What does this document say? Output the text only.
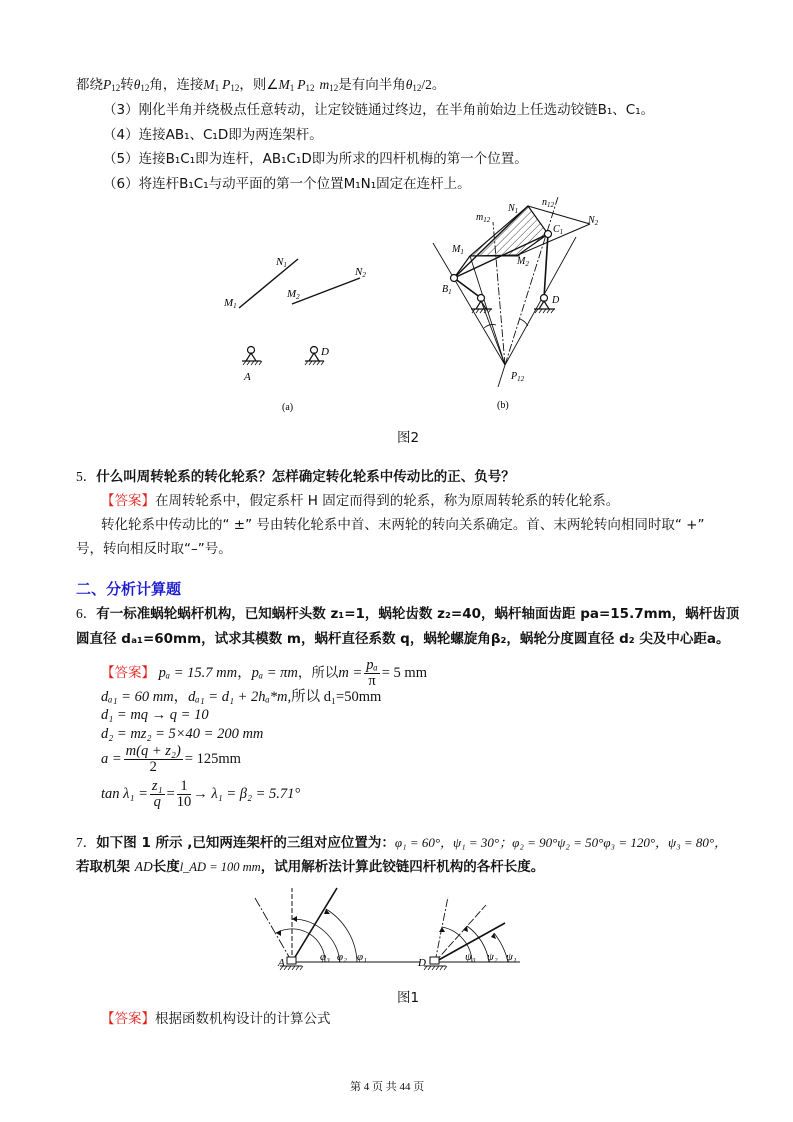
都绕$P_{12}$转$\theta_{12}$角，连接$M_1$ $P_{12}$，则$\angle M_1$ $P_{12}$ $m_{12}$是有向半角$\theta_{12}/2$。
（3）刚化半角并绕极点任意转动，让定铰链通过终边，在半角前始边上任选动铰链B₁、C₁。
（4）连接AB₁、C₁D即为两连架杆。
（5）连接B₁C₁即为连杆，AB₁C₁D即为所求的四杆机梅的第一个位置。
（6）将连杆B₁C₁与动平面的第一个位置M₁N₁固定在连杆上。
N1
M1
M2
N2
A
D
(a)
$m_{12}$
$N_1$
$n_{12}$
$N_2$
$C_1$
$M_1$
$M_2$
$B_1$
D
$P_{12}$
(b)
图2
5．什么叫周转轮系的转化轮系？怎样确定转化轮系中传动比的正、负号？
【答案】在周转轮系中，假定系杆 H 固定而得到的轮系，称为原周转轮系的转化轮系。
转化轮系中传动比的“ ±” 号由转化轮系中首、末两轮的转向关系确定。首、末两轮转向相同时取“ +”
号，转向相反时取“–”号。
二、分析计算题
6．有一标准蜗轮蜗杆机构，已知蜗杆头数 z₁=1，蜗轮齿数 z₂=40，蜗杆轴面齿距 pa=15.7mm，蜗杆齿顶
圆直径 dₐ₁=60mm，试求其模数 m，蜗杆直径系数 q，蜗轮螺旋角β₂，蜗轮分度圆直径 d₂ 尖及中心距a。
【答案】 pₐ = 15.7 mm，pₐ = πm，所以$m = \frac{\text{pₐ}}{\pi} = 5$ mm
dₐ₁ = 60 mm，dₐ₁ = d₁ + 2hₐ*m,所以 d₁=50mm
d₁ = mq → q = 10
d₂ = mz₂ = 5×40 = 200 mm
$a = \frac{\text{m(q + z₂)}}{2} = 125mm$
$\tan \lambda_1 = \frac{\text{z₁}}{q} = \frac{1}{10} \to \lambda_1 = \beta_2 = 5.71^\circ$
7．如下图 1 所示 ,已知两连架杆的三组对应位置为：φ₁ = 60°，ψ₁ = 30°；φ₂ = 90°ψ₂ = 50°φ₃ = 120°，ψ₃ = 80°，
若取机架 AD长度l_AD = 100 mm，试用解析法计算此铰链四杆机构的各杆长度。
A	φ₃ φ₂ φ₁	D	ψ₃ ψ₂ ψ₁
图1
【答案】根据函数机构设计的计算公式
第 4 页 共 44 页
